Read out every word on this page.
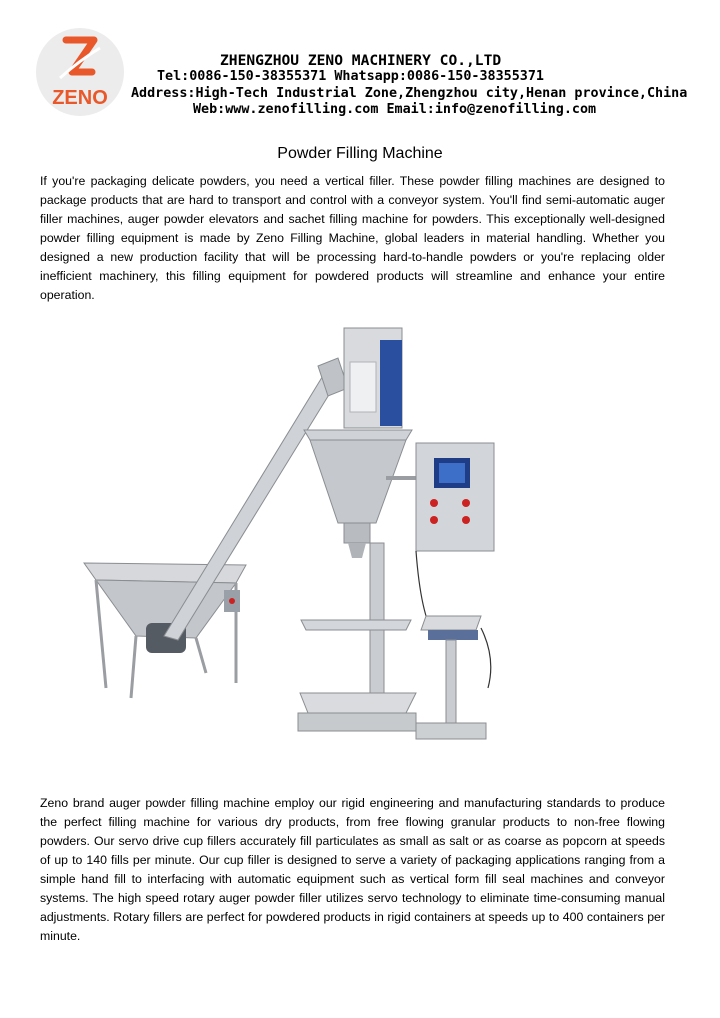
ZENO
ZHENGZHOU ZENO MACHINERY CO.,LTD
Tel:0086-150-38355371 Whatsapp:0086-150-38355371
Address:High-Tech Industrial Zone,Zhengzhou city,Henan province,China
Web:www.zenofilling.com Email:info@zenofilling.com
Powder Filling Machine
If you're packaging delicate powders, you need a vertical filler. These powder filling machines are designed to package products that are hard to transport and control with a conveyor system. You'll find semi-automatic auger filler machines, auger powder elevators and sachet filling machine for powders. This exceptionally well-designed powder filling equipment is made by Zeno Filling Machine, global leaders in material handling. Whether you designed a new production facility that will be processing hard-to-handle powders or you're replacing older inefficient machinery, this filling equipment for powdered products will streamline and enhance your entire operation.
Zeno brand auger powder filling machine employ our rigid engineering and manufacturing standards to produce the perfect filling machine for various dry products, from free flowing granular products to non-free flowing powders. Our servo drive cup fillers accurately fill particulates as small as salt or as coarse as popcorn at speeds of up to 140 fills per minute. Our cup filler is designed to serve a variety of packaging applications ranging from a simple hand fill to interfacing with automatic equipment such as vertical form fill seal machines and conveyor systems. The high speed rotary auger powder filler utilizes servo technology to eliminate time-consuming manual adjustments. Rotary fillers are perfect for powdered products in rigid containers at speeds up to 400 containers per minute.
